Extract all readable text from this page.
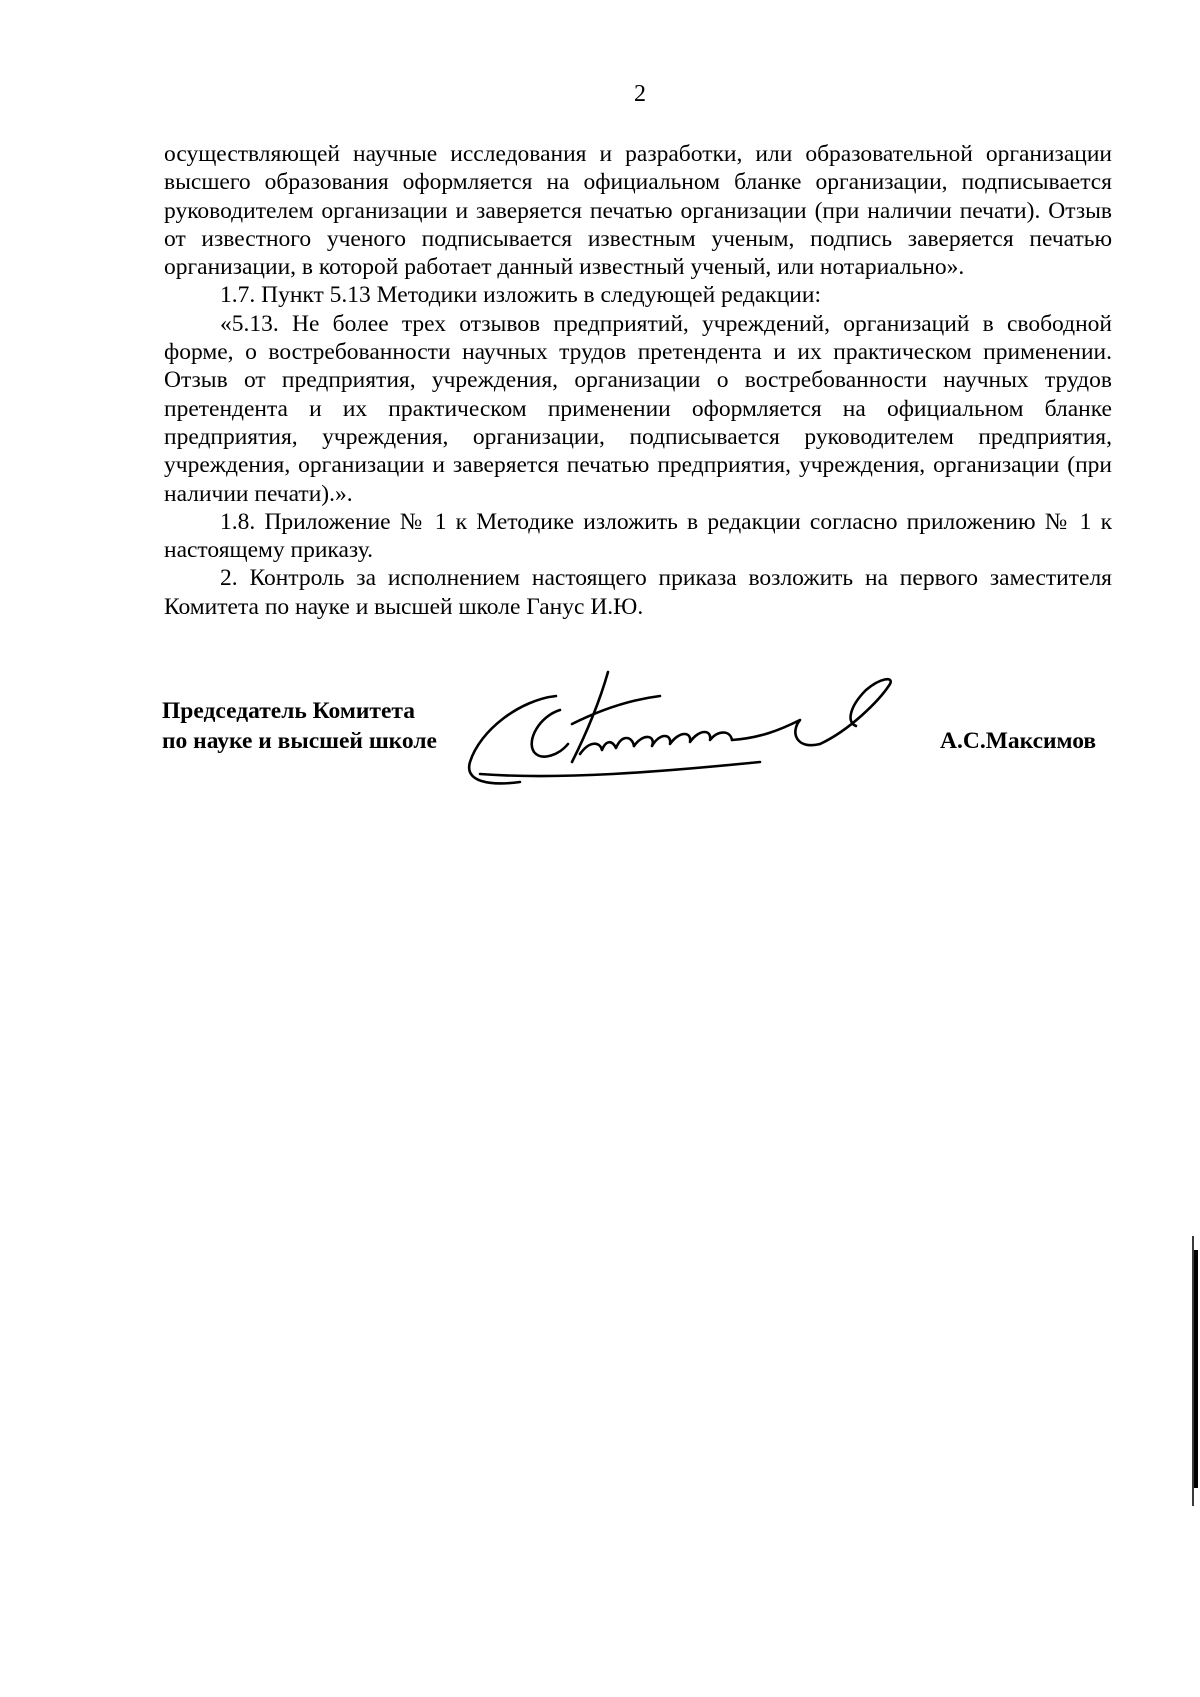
2

осуществляющей научные исследования и разработки, или образовательной организации высшего образования оформляется на официальном бланке организации, подписывается руководителем организации и заверяется печатью организации (при наличии печати). Отзыв от известного ученого подписывается известным ученым, подпись заверяется печатью организации, в которой работает данный известный ученый, или нотариально».

1.7. Пункт 5.13 Методики изложить в следующей редакции:

«5.13. Не более трех отзывов предприятий, учреждений, организаций в свободной форме, о востребованности научных трудов претендента и их практическом применении. Отзыв от предприятия, учреждения, организации о востребованности научных трудов претендента и их практическом применении оформляется на официальном бланке предприятия, учреждения, организации, подписывается руководителем предприятия, учреждения, организации и заверяется печатью предприятия, учреждения, организации (при наличии печати).».

1.8. Приложение № 1 к Методике изложить в редакции согласно приложению № 1 к настоящему приказу.

2. Контроль за исполнением настоящего приказа возложить на первого заместителя Комитета по науке и высшей школе Ганус И.Ю.

Председатель Комитета
по науке и высшей школе	А.С.Максимов
